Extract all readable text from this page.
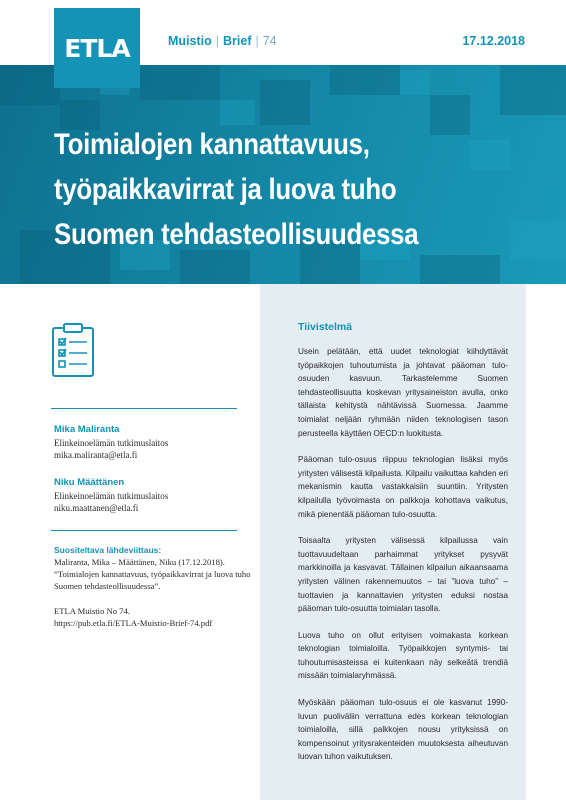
ETLA	Muistio | Brief | 74	17.12.2018
Toimialojen kannattavuus,
työpaikkavirrat ja luova tuho
Suomen tehdasteollisuudessa
Mika Maliranta
Elinkeinoelämän tutkimuslaitos
mika.maliranta@etla.fi
Niku Määttänen
Elinkeinoelämän tutkimuslaitos
niku.maattanen@etla.fi
Suositeltava lähdeviittaus:
Maliranta, Mika – Määttänen, Niku (17.12.2018). ”Toimialojen kannattavuus, työpaikkavirrat ja luova tuho Suomen tehdasteollisuudessa”.
ETLA Muistio No 74.
https://pub.etla.fi/ETLA-Muistio-Brief-74.pdf
Tiivistelmä

Usein pelätään, että uudet teknologiat kiihdyttävät työpaikkojen tuhoutumista ja johtavat pääoman tulo-osuuden kasvuun. Tarkastelemme Suomen tehdasteollisuutta koskevan yritysaineiston avulla, onko tällaista kehitystä nähtävissä Suomessa. Jaamme toimialat neljään ryhmään niiden teknologisen tason perusteella käyttäen OECD:n luokitusta.

Pääoman tulo-osuus riippuu teknologian lisäksi myös yritysten välisestä kilpailusta. Kilpailu vaikuttaa kahden eri mekanismin kautta vastakkaisiin suuntiin. Yritysten kilpailulla työvoimasta on palkkoja kohottava vaikutus, mikä pienentää pääoman tulo-osuutta.

Toisaalta yritysten välisessä kilpailussa vain tuottavuudeltaan parhaimmat yritykset pysyvät markkinoilla ja kasvavat. Tällainen kilpailun aikaansaama yritysten välinen rakennemuutos – tai ”luova tuho” – tuottavien ja kannattavien yritysten eduksi nostaa pääoman tulo-osuutta toimialan tasolla.

Luova tuho on ollut erityisen voimakasta korkean teknologian toimialoilla. Työpaikkojen syntymis- tai tuhoutumisasteissa ei kuitenkaan näy selkeätä trendiä missään toimialaryhmässä.

Myöskään pääoman tulo-osuus ei ole kasvanut 1990-luvun puoliväliin verrattuna edes korkean teknologian toimialoilla, sillä palkkojen nousu yrityksissä on kompensoinut yritysrakenteiden muutoksesta aiheutuvan luovan tuhon vaikutuksen.
